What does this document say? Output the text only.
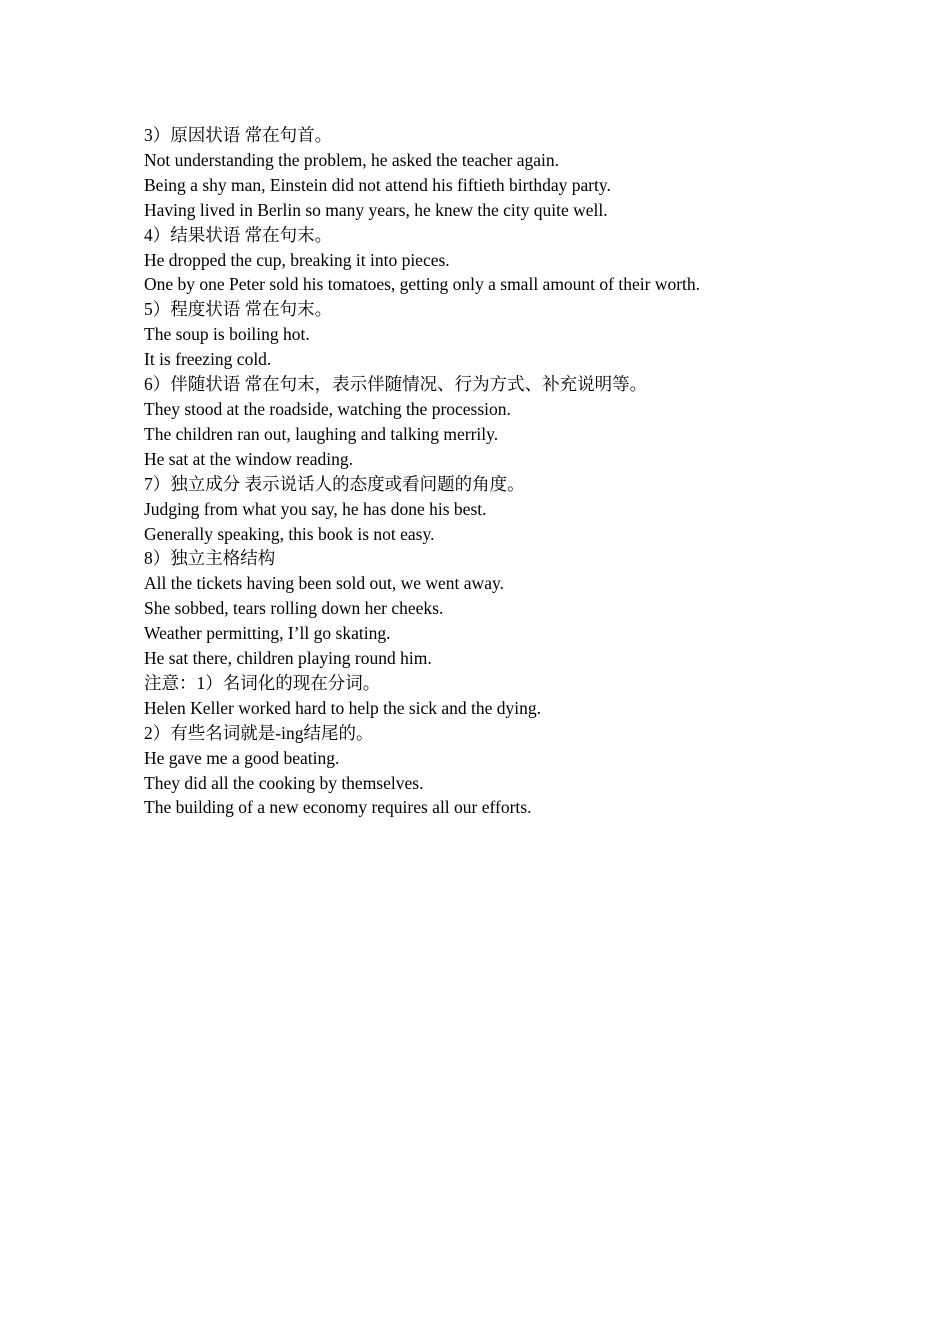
3）原因状语 常在句首。

Not understanding the problem, he asked the teacher again.

Being a shy man, Einstein did not attend his fiftieth birthday party.

Having lived in Berlin so many years, he knew the city quite well.

4）结果状语 常在句末。

He dropped the cup, breaking it into pieces.

One by one Peter sold his tomatoes, getting only a small amount of their worth.

5）程度状语 常在句末。

The soup is boiling hot.

It is freezing cold.

6）伴随状语 常在句末，表示伴随情况、行为方式、补充说明等。

They stood at the roadside, watching the procession.

The children ran out, laughing and talking merrily.

He sat at the window reading.

7）独立成分 表示说话人的态度或看问题的角度。

Judging from what you say, he has done his best.

Generally speaking, this book is not easy.

8）独立主格结构

All the tickets having been sold out, we went away.

She sobbed, tears rolling down her cheeks.

Weather permitting, I’ll go skating.

He sat there, children playing round him.

注意：1）名词化的现在分词。

Helen Keller worked hard to help the sick and the dying.

2）有些名词就是-ing结尾的。

He gave me a good beating.

They did all the cooking by themselves.

The building of a new economy requires all our efforts.
